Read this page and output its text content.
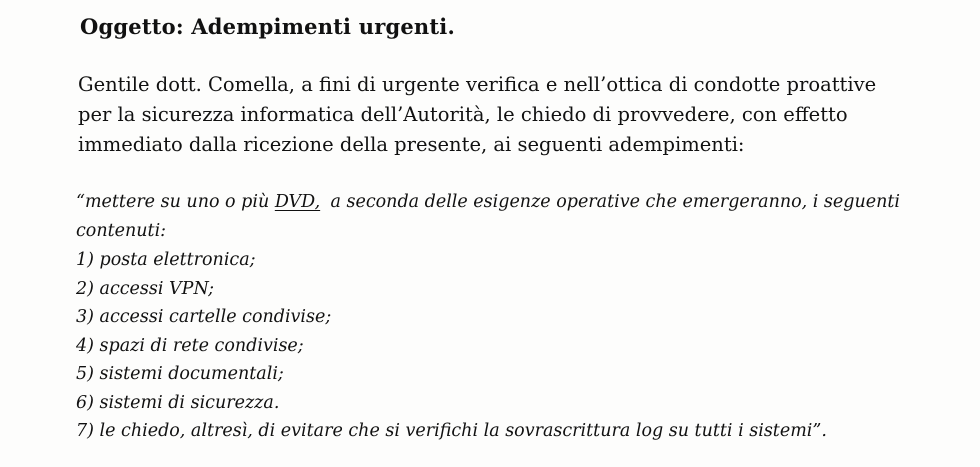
Oggetto: Adempimenti urgenti.
Gentile dott. Comella, a fini di urgente verifica e nell’ottica di condotte proattive
per la sicurezza informatica dell’Autorità, le chiedo di provvedere, con effetto
immediato dalla ricezione della presente, ai seguenti adempimenti:
“mettere su uno o più DVD, a seconda delle esigenze operative che emergeranno, i seguenti
contenuti:
1) posta elettronica;
2) accessi VPN;
3) accessi cartelle condivise;
4) spazi di rete condivise;
5) sistemi documentali;
6) sistemi di sicurezza.
7) le chiedo, altresì, di evitare che si verifichi la sovrascrittura log su tutti i sistemi”.
